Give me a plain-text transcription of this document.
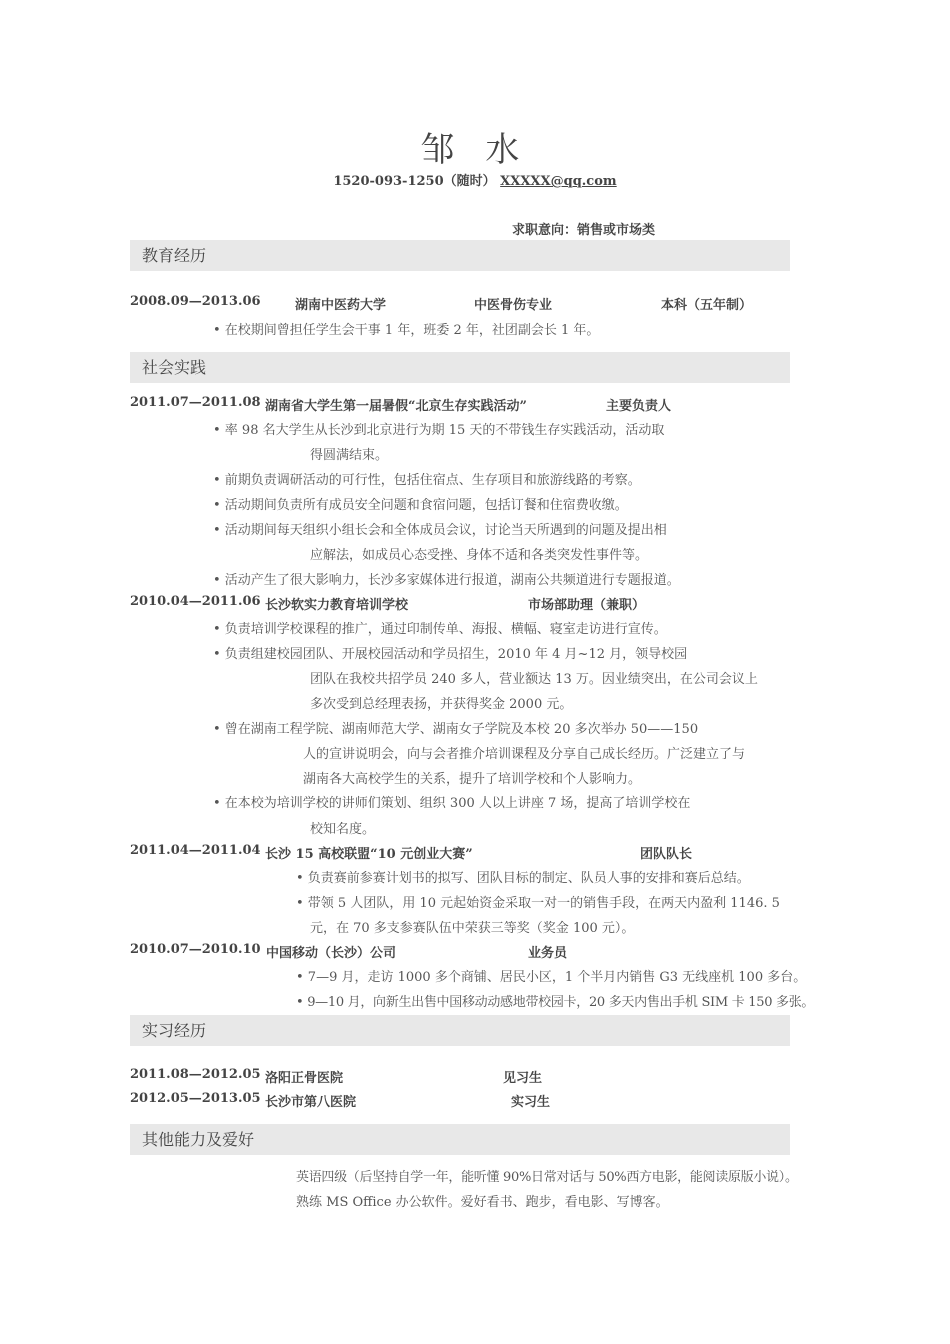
邹 水
1520-093-1250（随时） XXXXX@qq.com
求职意向：销售或市场类
教育经历
2008.09—2013.06	湖南中医药大学	中医骨伤专业	本科（五年制）
• 在校期间曾担任学生会干事 1 年，班委 2 年，社团副会长 1 年。
社会实践
2011.07—2011.08 湖南省大学生第一届暑假“北京生存实践活动”	主要负责人
• 率 98 名大学生从长沙到北京进行为期 15 天的不带钱生存实践活动，活动取
得圆满结束。
• 前期负责调研活动的可行性，包括住宿点、生存项目和旅游线路的考察。
• 活动期间负责所有成员安全问题和食宿问题，包括订餐和住宿费收缴。
• 活动期间每天组织小组长会和全体成员会议，讨论当天所遇到的问题及提出相
应解法，如成员心态受挫、身体不适和各类突发性事件等。
• 活动产生了很大影响力，长沙多家媒体进行报道，湖南公共频道进行专题报道。
2010.04—2011.06 长沙软实力教育培训学校	市场部助理（兼职）
• 负责培训学校课程的推广，通过印制传单、海报、横幅、寝室走访进行宣传。
• 负责组建校园团队、开展校园活动和学员招生，2010 年 4 月~12 月，领导校园
团队在我校共招学员 240 多人，营业额达 13 万。因业绩突出，在公司会议上
多次受到总经理表扬，并获得奖金 2000 元。
• 曾在湖南工程学院、湖南师范大学、湖南女子学院及本校 20 多次举办 50——150
人的宣讲说明会，向与会者推介培训课程及分享自己成长经历。广泛建立了与
湖南各大高校学生的关系，提升了培训学校和个人影响力。
• 在本校为培训学校的讲师们策划、组织 300 人以上讲座 7 场，提高了培训学校在
校知名度。
2011.04—2011.04 长沙 15 高校联盟“10 元创业大赛”	团队队长
• 负责赛前参赛计划书的拟写、团队目标的制定、队员人事的安排和赛后总结。
• 带领 5 人团队，用 10 元起始资金采取一对一的销售手段，在两天内盈利 1146. 5
元，在 70 多支参赛队伍中荣获三等奖（奖金 100 元）。
2010.07—2010.10 中国移动（长沙）公司	业务员
• 7—9 月，走访 1000 多个商铺、居民小区，1 个半月内销售 G3 无线座机 100 多台。
• 9—10 月，向新生出售中国移动动感地带校园卡，20 多天内售出手机 SIM 卡 150 多张。
实习经历
2011.08—2012.05 洛阳正骨医院	见习生
2012.05—2013.05 长沙市第八医院	实习生
其他能力及爱好
英语四级（后坚持自学一年，能听懂 90%日常对话与 50%西方电影，能阅读原版小说）。
熟练 MS Office 办公软件。爱好看书、跑步，看电影、写博客。
